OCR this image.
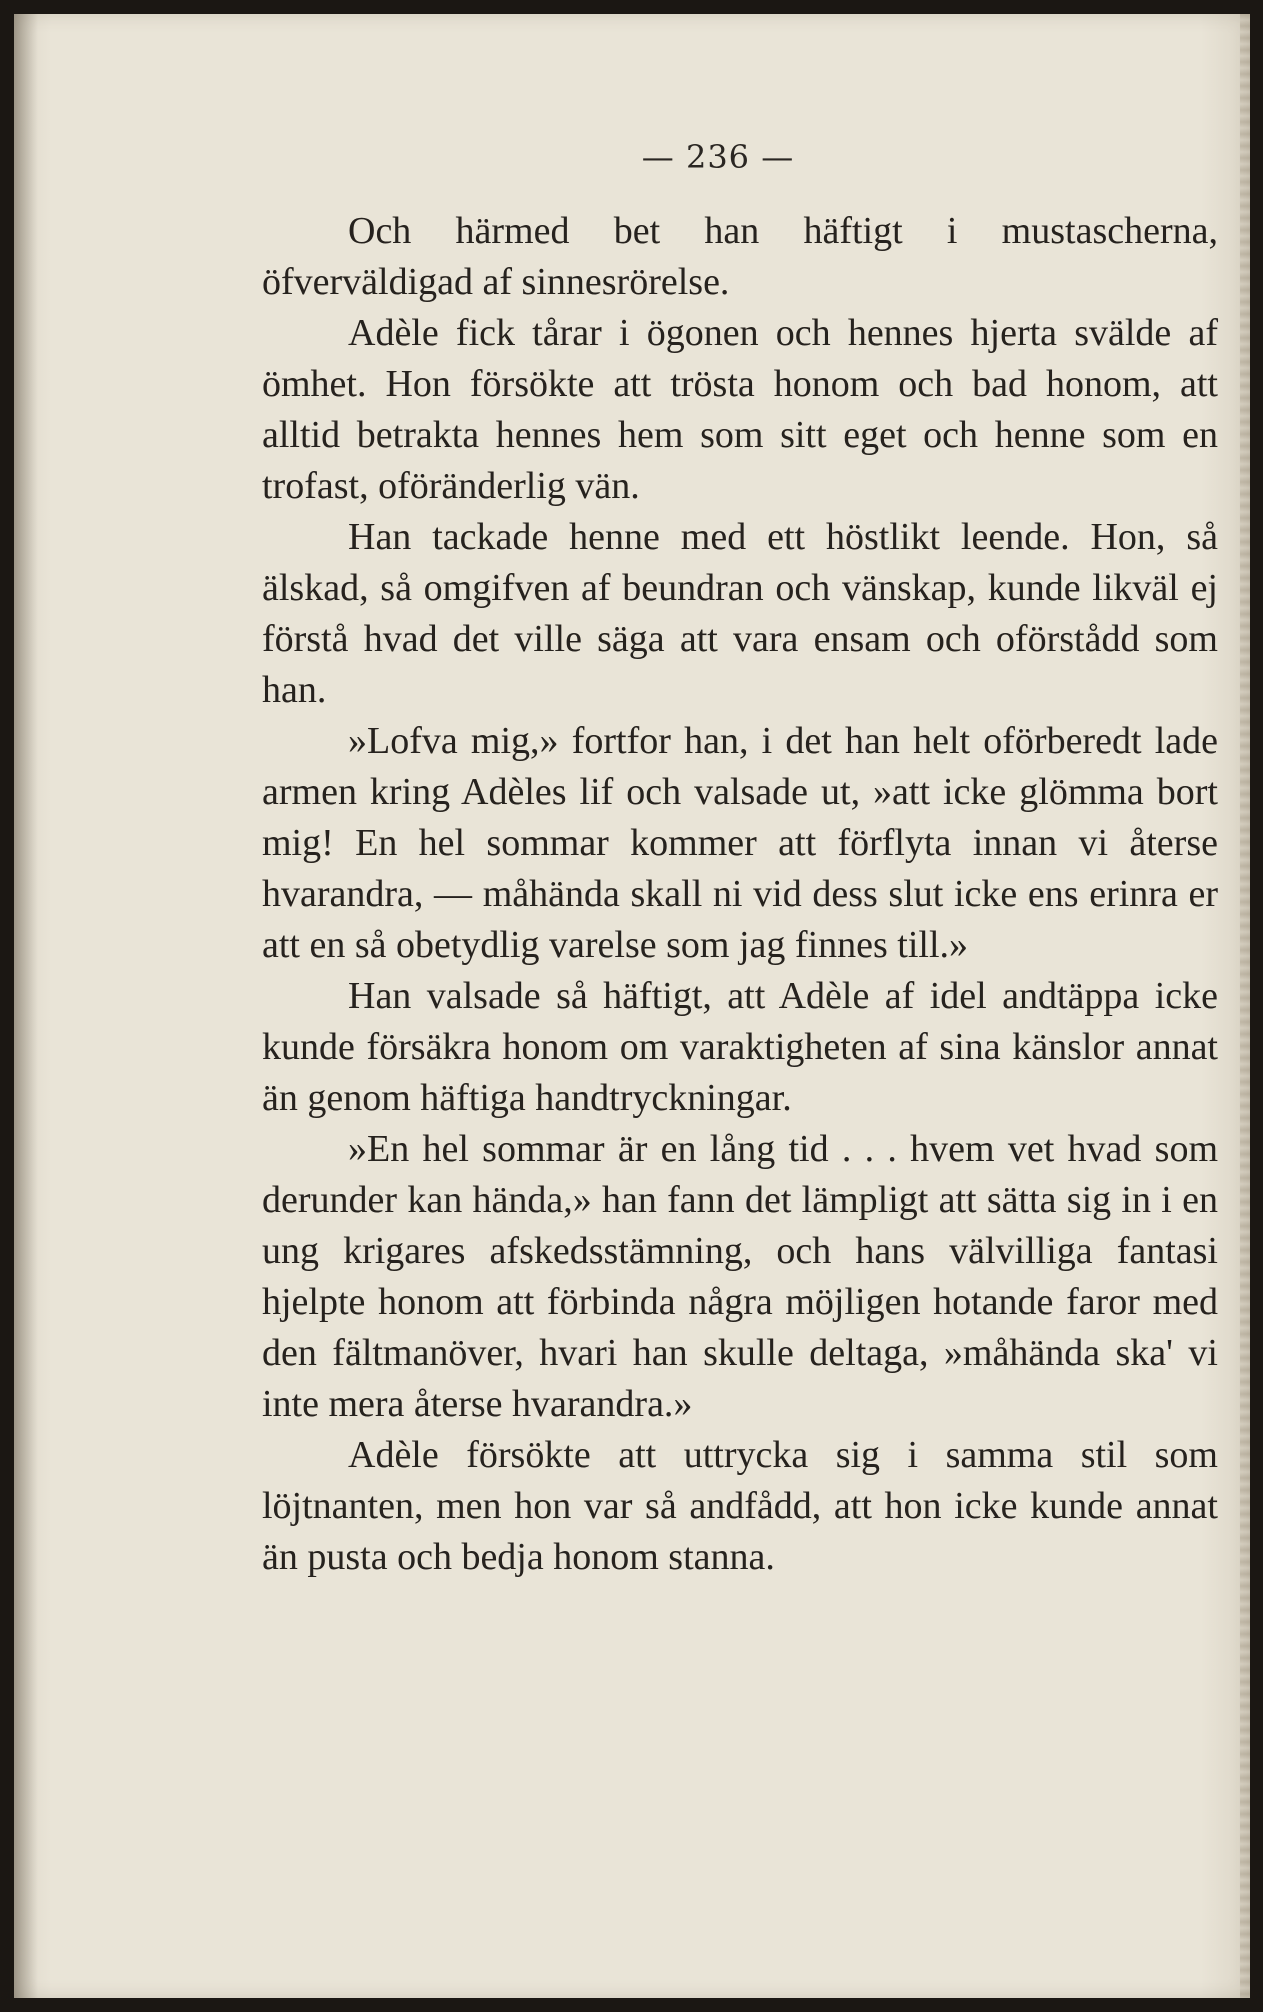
— 236 —

Och härmed bet han häftigt i mustascherna, öfverväldigad af sinnesrörelse.

Adèle fick tårar i ögonen och hennes hjerta svälde af ömhet. Hon försökte att trösta honom och bad honom, att alltid betrakta hennes hem som sitt eget och henne som en trofast, oföränderlig vän.

Han tackade henne med ett höstlikt leende. Hon, så älskad, så omgifven af beundran och vänskap, kunde likväl ej förstå hvad det ville säga att vara ensam och oförstådd som han.

»Lofva mig,» fortfor han, i det han helt oförberedt lade armen kring Adèles lif och valsade ut, »att icke glömma bort mig! En hel sommar kommer att förflyta innan vi återse hvarandra, — måhända skall ni vid dess slut icke ens erinra er att en så obetydlig varelse som jag finnes till.»

Han valsade så häftigt, att Adèle af idel andtäppa icke kunde försäkra honom om varaktigheten af sina känslor annat än genom häftiga handtryckningar.

»En hel sommar är en lång tid . . . hvem vet hvad som derunder kan hända,» han fann det lämpligt att sätta sig in i en ung krigares afskedsstämning, och hans välvilliga fantasi hjelpte honom att förbinda några möjligen hotande faror med den fältmanöver, hvari han skulle deltaga, »måhända ska' vi inte mera återse hvarandra.»

Adèle försökte att uttrycka sig i samma stil som löjtnanten, men hon var så andfådd, att hon icke kunde annat än pusta och bedja honom stanna.
